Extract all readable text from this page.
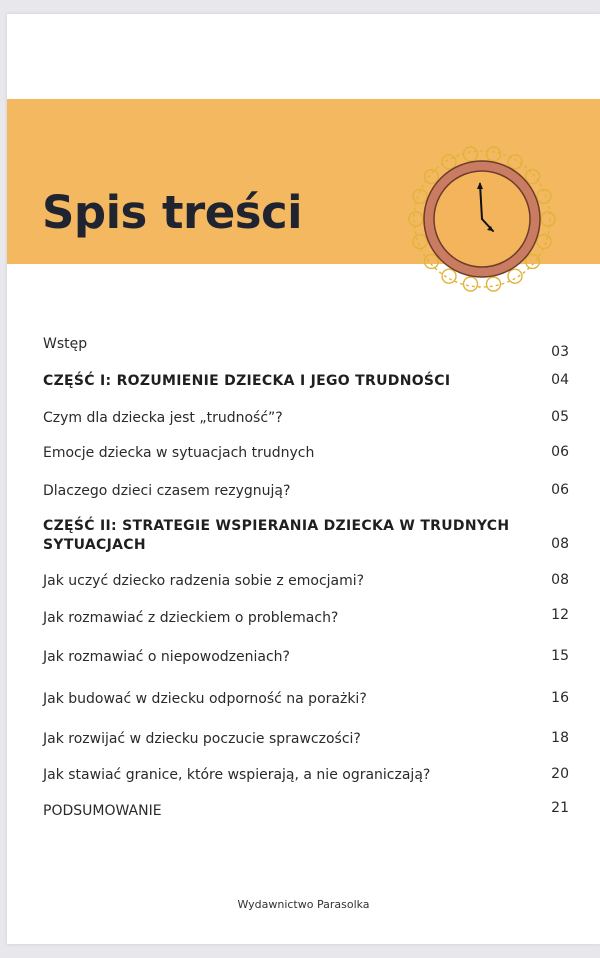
Spis treści
Wstęp	03
CZĘŚĆ I: ROZUMIENIE DZIECKA I JEGO TRUDNOŚCI	04
Czym dla dziecka jest „trudność”?	05
Emocje dziecka w sytuacjach trudnych	06
Dlaczego dzieci czasem rezygnują?	06
CZĘŚĆ II: STRATEGIE WSPIERANIA DZIECKA W TRUDNYCH SYTUACJACH	08
Jak uczyć dziecko radzenia sobie z emocjami?	08
Jak rozmawiać z dzieckiem o problemach?	12
Jak rozmawiać o niepowodzeniach?	15
Jak budować w dziecku odporność na porażki?	16
Jak rozwijać w dziecku poczucie sprawczości?	18
Jak stawiać granice, które wspierają, a nie ograniczają?	20
PODSUMOWANIE	21
Wydawnictwo Parasolka
